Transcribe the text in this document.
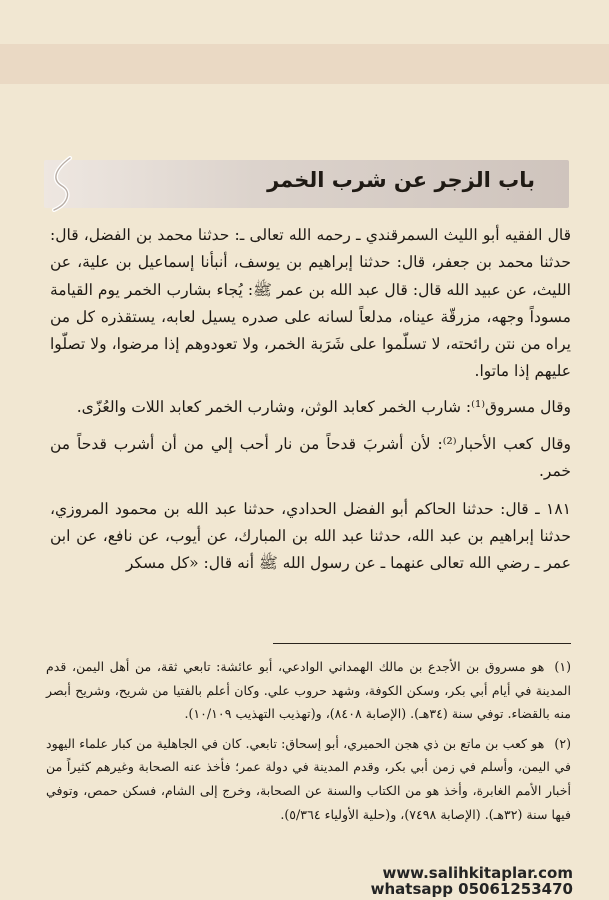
باب الزجر عن شرب الخمر

قال الفقيه أبو الليث السمرقندي ـ رحمه الله تعالى ـ: حدثنا محمد بن الفضل، قال: حدثنا محمد بن جعفر، قال: حدثنا إبراهيم بن يوسف، أنبأنا إسماعيل بن علية، عن الليث، عن عبيد الله قال: قال عبد الله بن عمر ﷺ: يُجاء بشارب الخمر يوم القيامة مسوداً وجهه، مزرقّة عيناه، مدلعاً لسانه على صدره يسيل لعابه، يستقذره كل من يراه من نتن رائحته، لا تسلّموا على شَرَبة الخمر، ولا تعودوهم إذا مرضوا، ولا تصلّوا عليهم إذا ماتوا.

وقال مسروق⁽¹⁾: شارب الخمر كعابد الوثن، وشارب الخمر كعابد اللات والعُزّى.

وقال كعب الأحبار⁽²⁾: لأن أشربَ قدحاً من نار أحب إلي من أن أشرب قدحاً من خمر.

١٨١ ـ قال: حدثنا الحاكم أبو الفضل الحدادي، حدثنا عبد الله بن محمود المروزي، حدثنا إبراهيم بن عبد الله، حدثنا عبد الله بن المبارك، عن أيوب، عن نافع، عن ابن عمر ـ رضي الله تعالى عنهما ـ عن رسول الله ﷺ أنه قال: «كل مسكر

(١)هو مسروق بن الأجدع بن مالك الهمداني الوادعي، أبو عائشة: تابعي ثقة، من أهل اليمن، قدم المدينة في أيام أبي بكر، وسكن الكوفة، وشهد حروب علي. وكان أعلم بالفتيا من شريح، وشريح أبصر منه بالقضاء. توفي سنة (٣٤هـ). (الإصابة ٨٤٠٨)، و(تهذيب التهذيب ١٠/١٠٩).

(٢)هو كعب بن ماتع بن ذي هجن الحميري، أبو إسحاق: تابعي. كان في الجاهلية من كبار علماء اليهود في اليمن، وأسلم في زمن أبي بكر، وقدم المدينة في دولة عمر؛ فأخذ عنه الصحابة وغيرهم كثيراً من أخبار الأمم الغابرة، وأخذ هو من الكتاب والسنة عن الصحابة، وخرج إلى الشام، فسكن حمص، وتوفي فيها سنة (٣٢هـ). (الإصابة ٧٤٩٨)، و(حلية الأولياء ٥/٣٦٤).

www.salihkitaplar.com
whatsapp 05061253470
